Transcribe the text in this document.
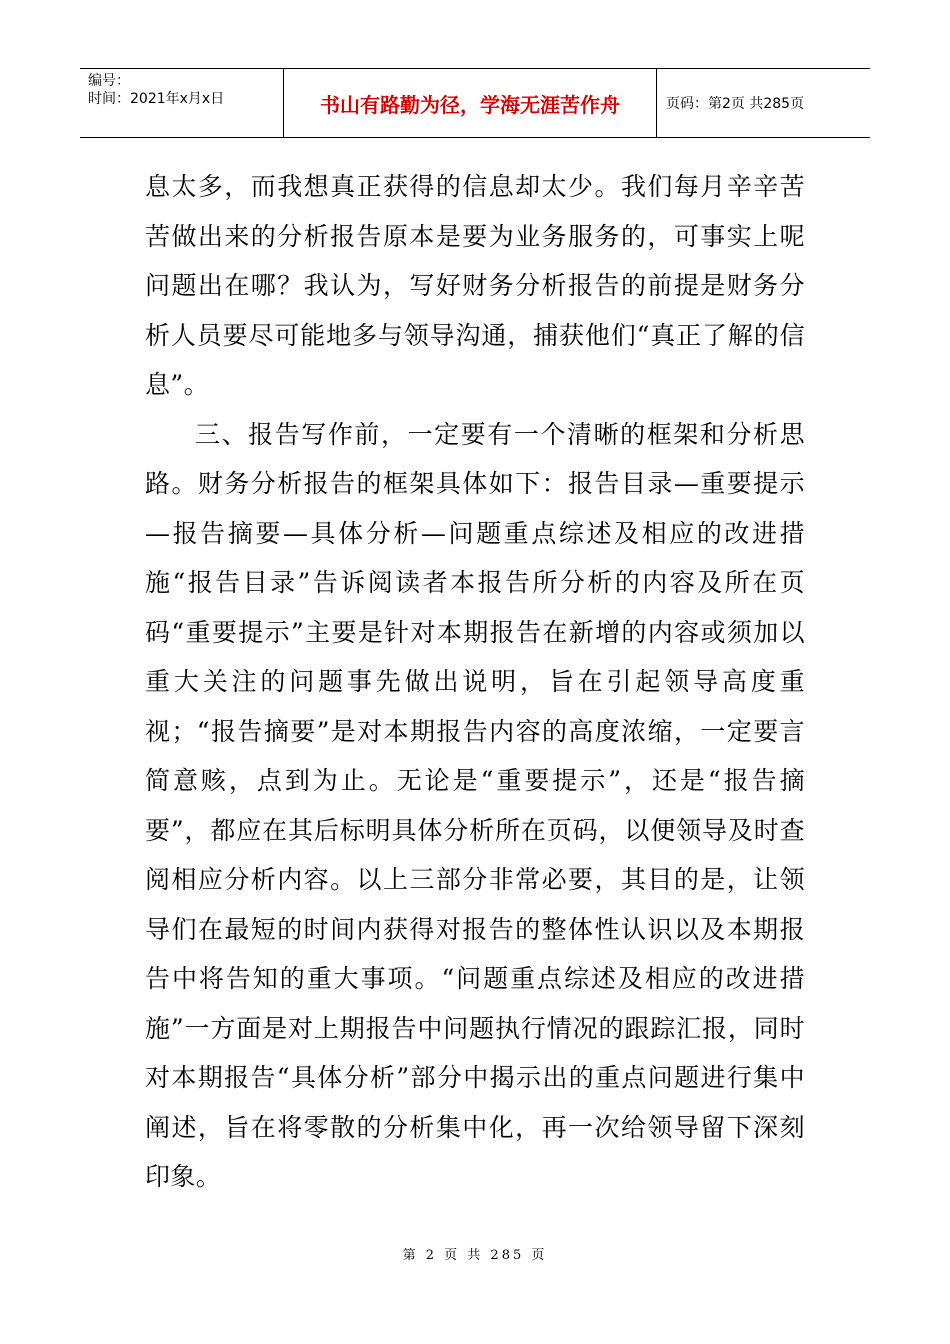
编号：
时间：2021年x月x日	书山有路勤为径，学海无涯苦作舟	页码：第2页 共285页

息太多，而我想真正获得的信息却太少。我们每月辛辛苦苦做出来的分析报告原本是要为业务服务的，可事实上呢问题出在哪？我认为，写好财务分析报告的前提是财务分析人员要尽可能地多与领导沟通，捕获他们“真正了解的信息”。

三、报告写作前，一定要有一个清晰的框架和分析思路。财务分析报告的框架具体如下：报告目录—重要提示—报告摘要—具体分析—问题重点综述及相应的改进措施“报告目录”告诉阅读者本报告所分析的内容及所在页码“重要提示”主要是针对本期报告在新增的内容或须加以重大关注的问题事先做出说明，旨在引起领导高度重视；“报告摘要”是对本期报告内容的高度浓缩，一定要言简意赅，点到为止。无论是“重要提示”，还是“报告摘要”，都应在其后标明具体分析所在页码，以便领导及时查阅相应分析内容。以上三部分非常必要，其目的是，让领导们在最短的时间内获得对报告的整体性认识以及本期报告中将告知的重大事项。“问题重点综述及相应的改进措施”一方面是对上期报告中问题执行情况的跟踪汇报，同时对本期报告“具体分析”部分中揭示出的重点问题进行集中阐述，旨在将零散的分析集中化，再一次给领导留下深刻印象。

第 2 页 共 285 页
